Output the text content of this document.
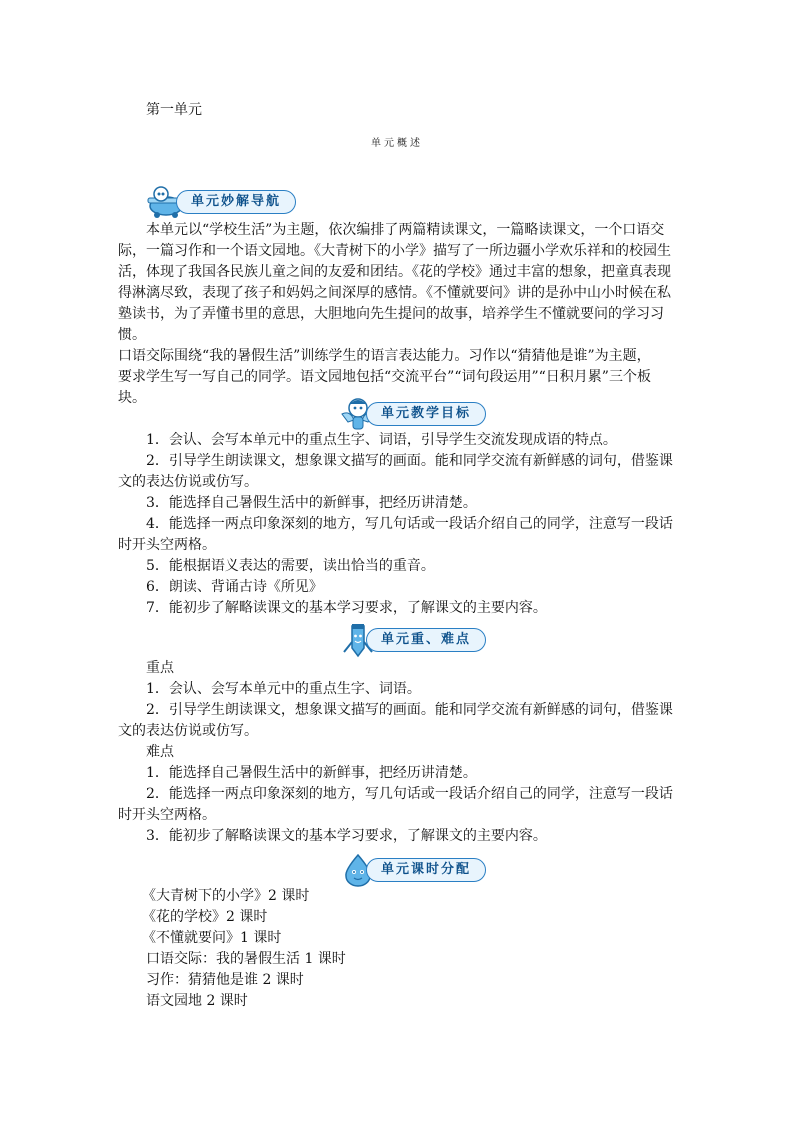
第一单元
单元概述
单元妙解导航

本单元以“学校生活”为主题，依次编排了两篇精读课文，一篇略读课文，一个口语交

际，一篇习作和一个语文园地。《大青树下的小学》描写了一所边疆小学欢乐祥和的校园生

活，体现了我国各民族儿童之间的友爱和团结。《花的学校》通过丰富的想象，把童真表现

得淋漓尽致，表现了孩子和妈妈之间深厚的感情。《不懂就要问》讲的是孙中山小时候在私

塾读书，为了弄懂书里的意思，大胆地向先生提问的故事，培养学生不懂就要问的学习习惯。

口语交际围绕“我的暑假生活”训练学生的语言表达能力。习作以“猜猜他是谁”为主题，

要求学生写一写自己的同学。语文园地包括“交流平台”“词句段运用”“日积月累”三个板

块。

单元教学目标

1．会认、会写本单元中的重点生字、词语，引导学生交流发现成语的特点。

2．引导学生朗读课文，想象课文描写的画面。能和同学交流有新鲜感的词句，借鉴课

文的表达仿说或仿写。

3．能选择自己暑假生活中的新鲜事，把经历讲清楚。

4．能选择一两点印象深刻的地方，写几句话或一段话介绍自己的同学，注意写一段话

时开头空两格。

5．能根据语义表达的需要，读出恰当的重音。

6．朗读、背诵古诗《所见》

7．能初步了解略读课文的基本学习要求，了解课文的主要内容。

单元重、难点

重点

1．会认、会写本单元中的重点生字、词语。

2．引导学生朗读课文，想象课文描写的画面。能和同学交流有新鲜感的词句，借鉴课

文的表达仿说或仿写。

难点

1．能选择自己暑假生活中的新鲜事，把经历讲清楚。

2．能选择一两点印象深刻的地方，写几句话或一段话介绍自己的同学，注意写一段话

时开头空两格。

3．能初步了解略读课文的基本学习要求，了解课文的主要内容。

单元课时分配

《大青树下的小学》2 课时

《花的学校》2 课时

《不懂就要问》1 课时

口语交际：我的暑假生活 1 课时

习作：猜猜他是谁 2 课时

语文园地 2 课时
